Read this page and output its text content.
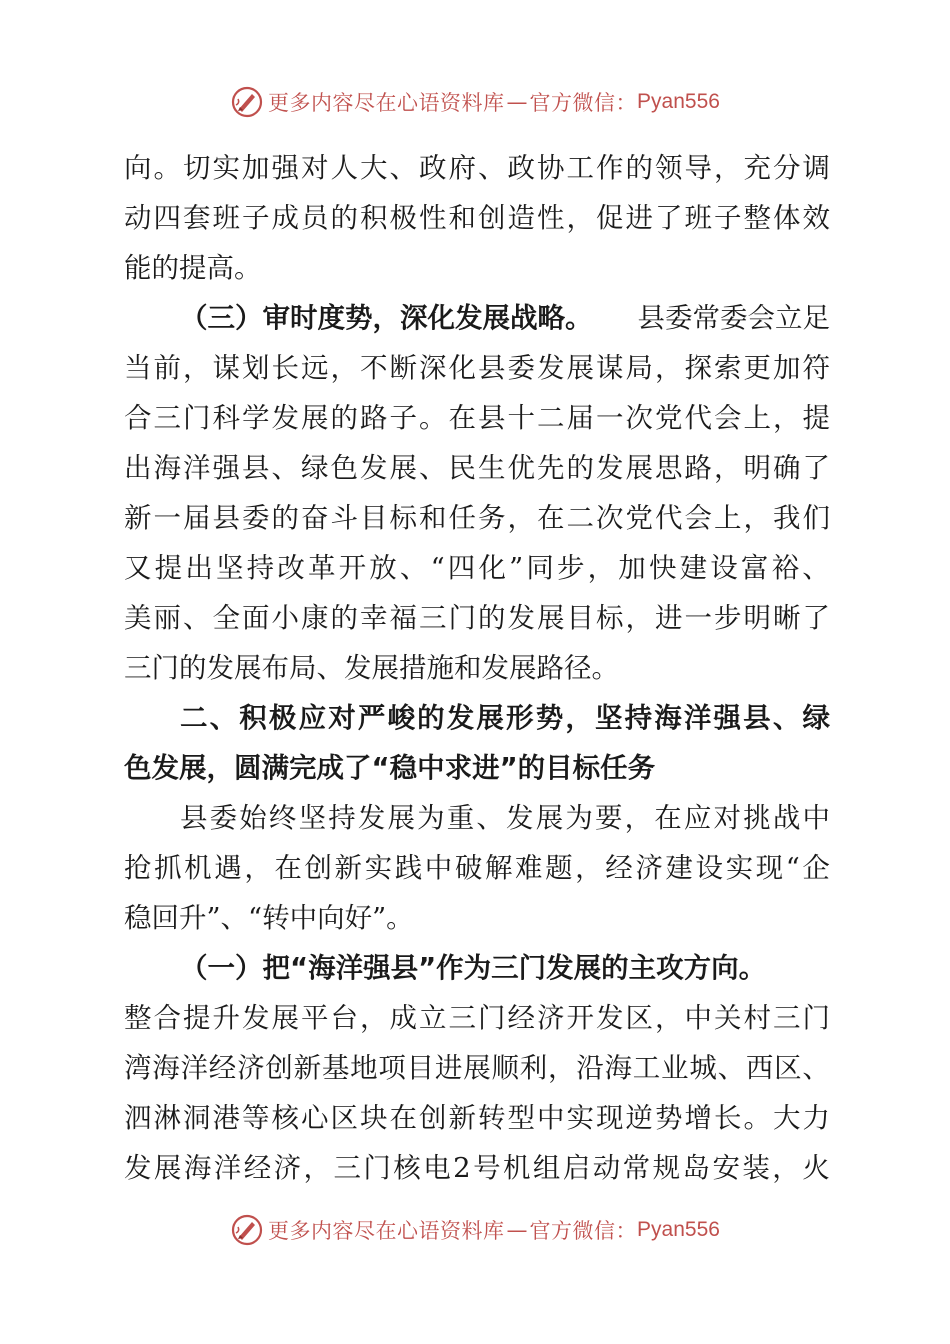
更多内容尽在心语资料库 — 官方微信： Pyan556
向 。 切 实 加 强 对 人 大 、 政 府 、 政 协 工 作 的 领 导 ， 充 分 调
动 四 套 班 子 成 员 的 积 极 性 和 创 造 性 ， 促 进 了 班 子 整 体 效
能的提高。
（三）审时度势，深化发展战略。 县委常委会立足
当 前 ， 谋 划 长 远 ， 不 断 深 化 县 委 发 展 谋 局 ， 探 索 更 加 符
合 三 门 科 学 发 展 的 路 子 。 在 县 十 二 届 一 次 党 代 会 上 ， 提
出 海 洋 强 县 、 绿 色 发 展 、 民 生 优 先 的 发 展 思 路 ， 明 确 了
新 一 届 县 委 的 奋 斗 目 标 和 任 务 ， 在 二 次 党 代 会 上 ， 我 们
又 提 出 坚 持 改 革 开 放 、 “ 四 化 ” 同 步 ， 加 快 建 设 富 裕 、
美 丽 、 全 面 小 康 的 幸 福 三 门 的 发 展 目 标 ， 进 一 步 明 晰 了
三门的发展布局、发展措施和发展路径。
二 、 积 极 应 对 严 峻 的 发 展 形 势 ， 坚 持 海 洋 强 县 、 绿
色发展，圆满完成了“稳中求进”的目标任务
县 委 始 终 坚 持 发 展 为 重 、 发 展 为 要 ， 在 应 对 挑 战 中
抢 抓 机 遇 ， 在 创 新 实 践 中 破 解 难 题 ， 经 济 建 设 实 现 “ 企
稳回升”、“转中向好”。
（一）把“海洋强县”作为三门发展的主攻方向。
整 合 提 升 发 展 平 台 ， 成 立 三 门 经 济 开 发 区 ， 中 关 村 三 门
湾 海 洋 经 济 创 新 基 地 项 目 进 展 顺 利 ， 沿 海 工 业 城 、 西 区 、
泗 淋 洞 港 等 核 心 区 块 在 创 新 转 型 中 实 现 逆 势 增 长 。 大 力
发 展 海 洋 经 济 ， 三 门 核 电 2 号 机 组 启 动 常 规 岛 安 装 ， 火
更多内容尽在心语资料库 — 官方微信： Pyan556
